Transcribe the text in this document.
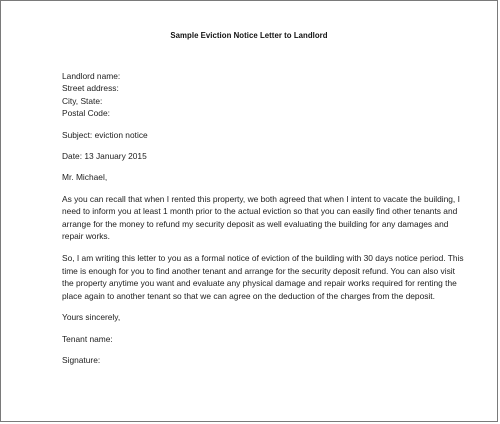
Sample Eviction Notice Letter to Landlord

Landlord name:

Street address:

City, State:

Postal Code:

Subject: eviction notice

Date: 13 January 2015

Mr. Michael,

As you can recall that when I rented this property, we both agreed that when I intent to vacate the building, I need to inform you at least 1 month prior to the actual eviction so that you can easily find other tenants and arrange for the money to refund my security deposit as well evaluating the building for any damages and repair works.

So, I am writing this letter to you as a formal notice of eviction of the building with 30 days notice period. This time is enough for you to find another tenant and arrange for the security deposit refund. You can also visit the property anytime you want and evaluate any physical damage and repair works required for renting the place again to another tenant so that we can agree on the deduction of the charges from the deposit.

Yours sincerely,

Tenant name:

Signature:
